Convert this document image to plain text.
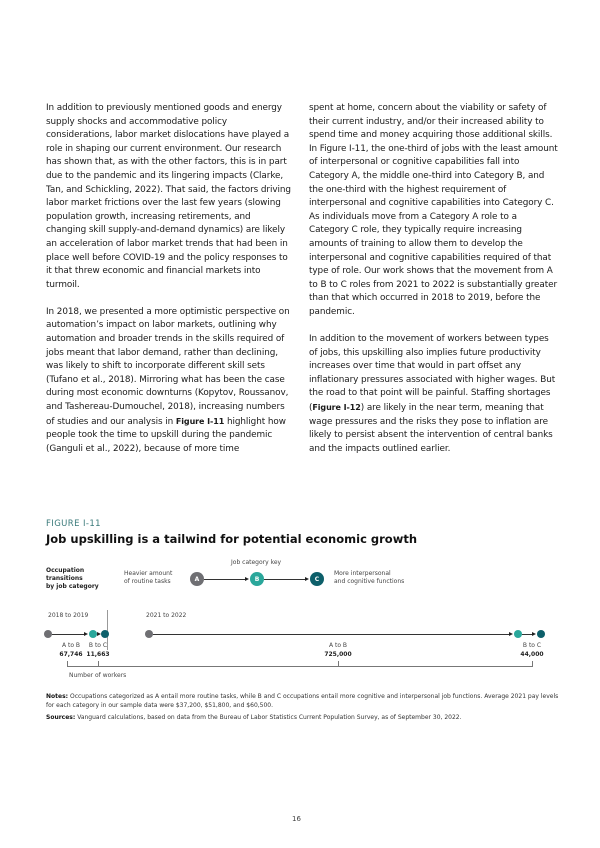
In addition to previously mentioned goods and energy supply shocks and accommodative policy considerations, labor market dislocations have played a role in shaping our current environment. Our research has shown that, as with the other factors, this is in part due to the pandemic and its lingering impacts (Clarke, Tan, and Schickling, 2022). That said, the factors driving labor market frictions over the last few years (slowing population growth, increasing retirements, and changing skill supply-and-demand dynamics) are likely an acceleration of labor market trends that had been in place well before COVID-19 and the policy responses to it that threw economic and financial markets into turmoil.

In 2018, we presented a more optimistic perspective on automation’s impact on labor markets, outlining why automation and broader trends in the skills required of jobs meant that labor demand, rather than declining, was likely to shift to incorporate different skill sets (Tufano et al., 2018). Mirroring what has been the case during most economic downturns (Kopytov, Roussanov, and Tashereau-Dumouchel, 2018), increasing numbers of studies and our analysis in Figure I-11 highlight how people took the time to upskill during the pandemic (Ganguli et al., 2022), because of more time

spent at home, concern about the viability or safety of their current industry, and/or their increased ability to spend time and money acquiring those additional skills. In Figure I-11, the one-third of jobs with the least amount of interpersonal or cognitive capabilities fall into Category A, the middle one-third into Category B, and the one-third with the highest requirement of interpersonal and cognitive capabilities into Category C. As individuals move from a Category A role to a Category C role, they typically require increasing amounts of training to allow them to develop the interpersonal and cognitive capabilities required of that type of role. Our work shows that the movement from A to B to C roles from 2021 to 2022 is substantially greater than that which occurred in 2018 to 2019, before the pandemic.

In addition to the movement of workers between types of jobs, this upskilling also implies future productivity increases over time that would in part offset any inflationary pressures associated with higher wages. But the road to that point will be painful. Staffing shortages (Figure I-12) are likely in the near term, meaning that wage pressures and the risks they pose to inflation are likely to persist absent the intervention of central banks and the impacts outlined earlier.

FIGURE I-11
Job upskilling is a tailwind for potential economic growth
Occupation
transitions
by job category
Job category key
Heavier amount
of routine tasks	A	B	C
More interpersonal
and cognitive functions
2018 to 2019	2021 to 2022
A to B
67,746
B to C
11,663
A to B
725,000
B to C
44,000
Number of workers

Notes: Occupations categorized as A entail more routine tasks, while B and C occupations entail more cognitive and interpersonal job functions. Average 2021 pay levels for each category in our sample data were $37,200, $51,800, and $60,500.

Sources: Vanguard calculations, based on data from the Bureau of Labor Statistics Current Population Survey, as of September 30, 2022.

16
